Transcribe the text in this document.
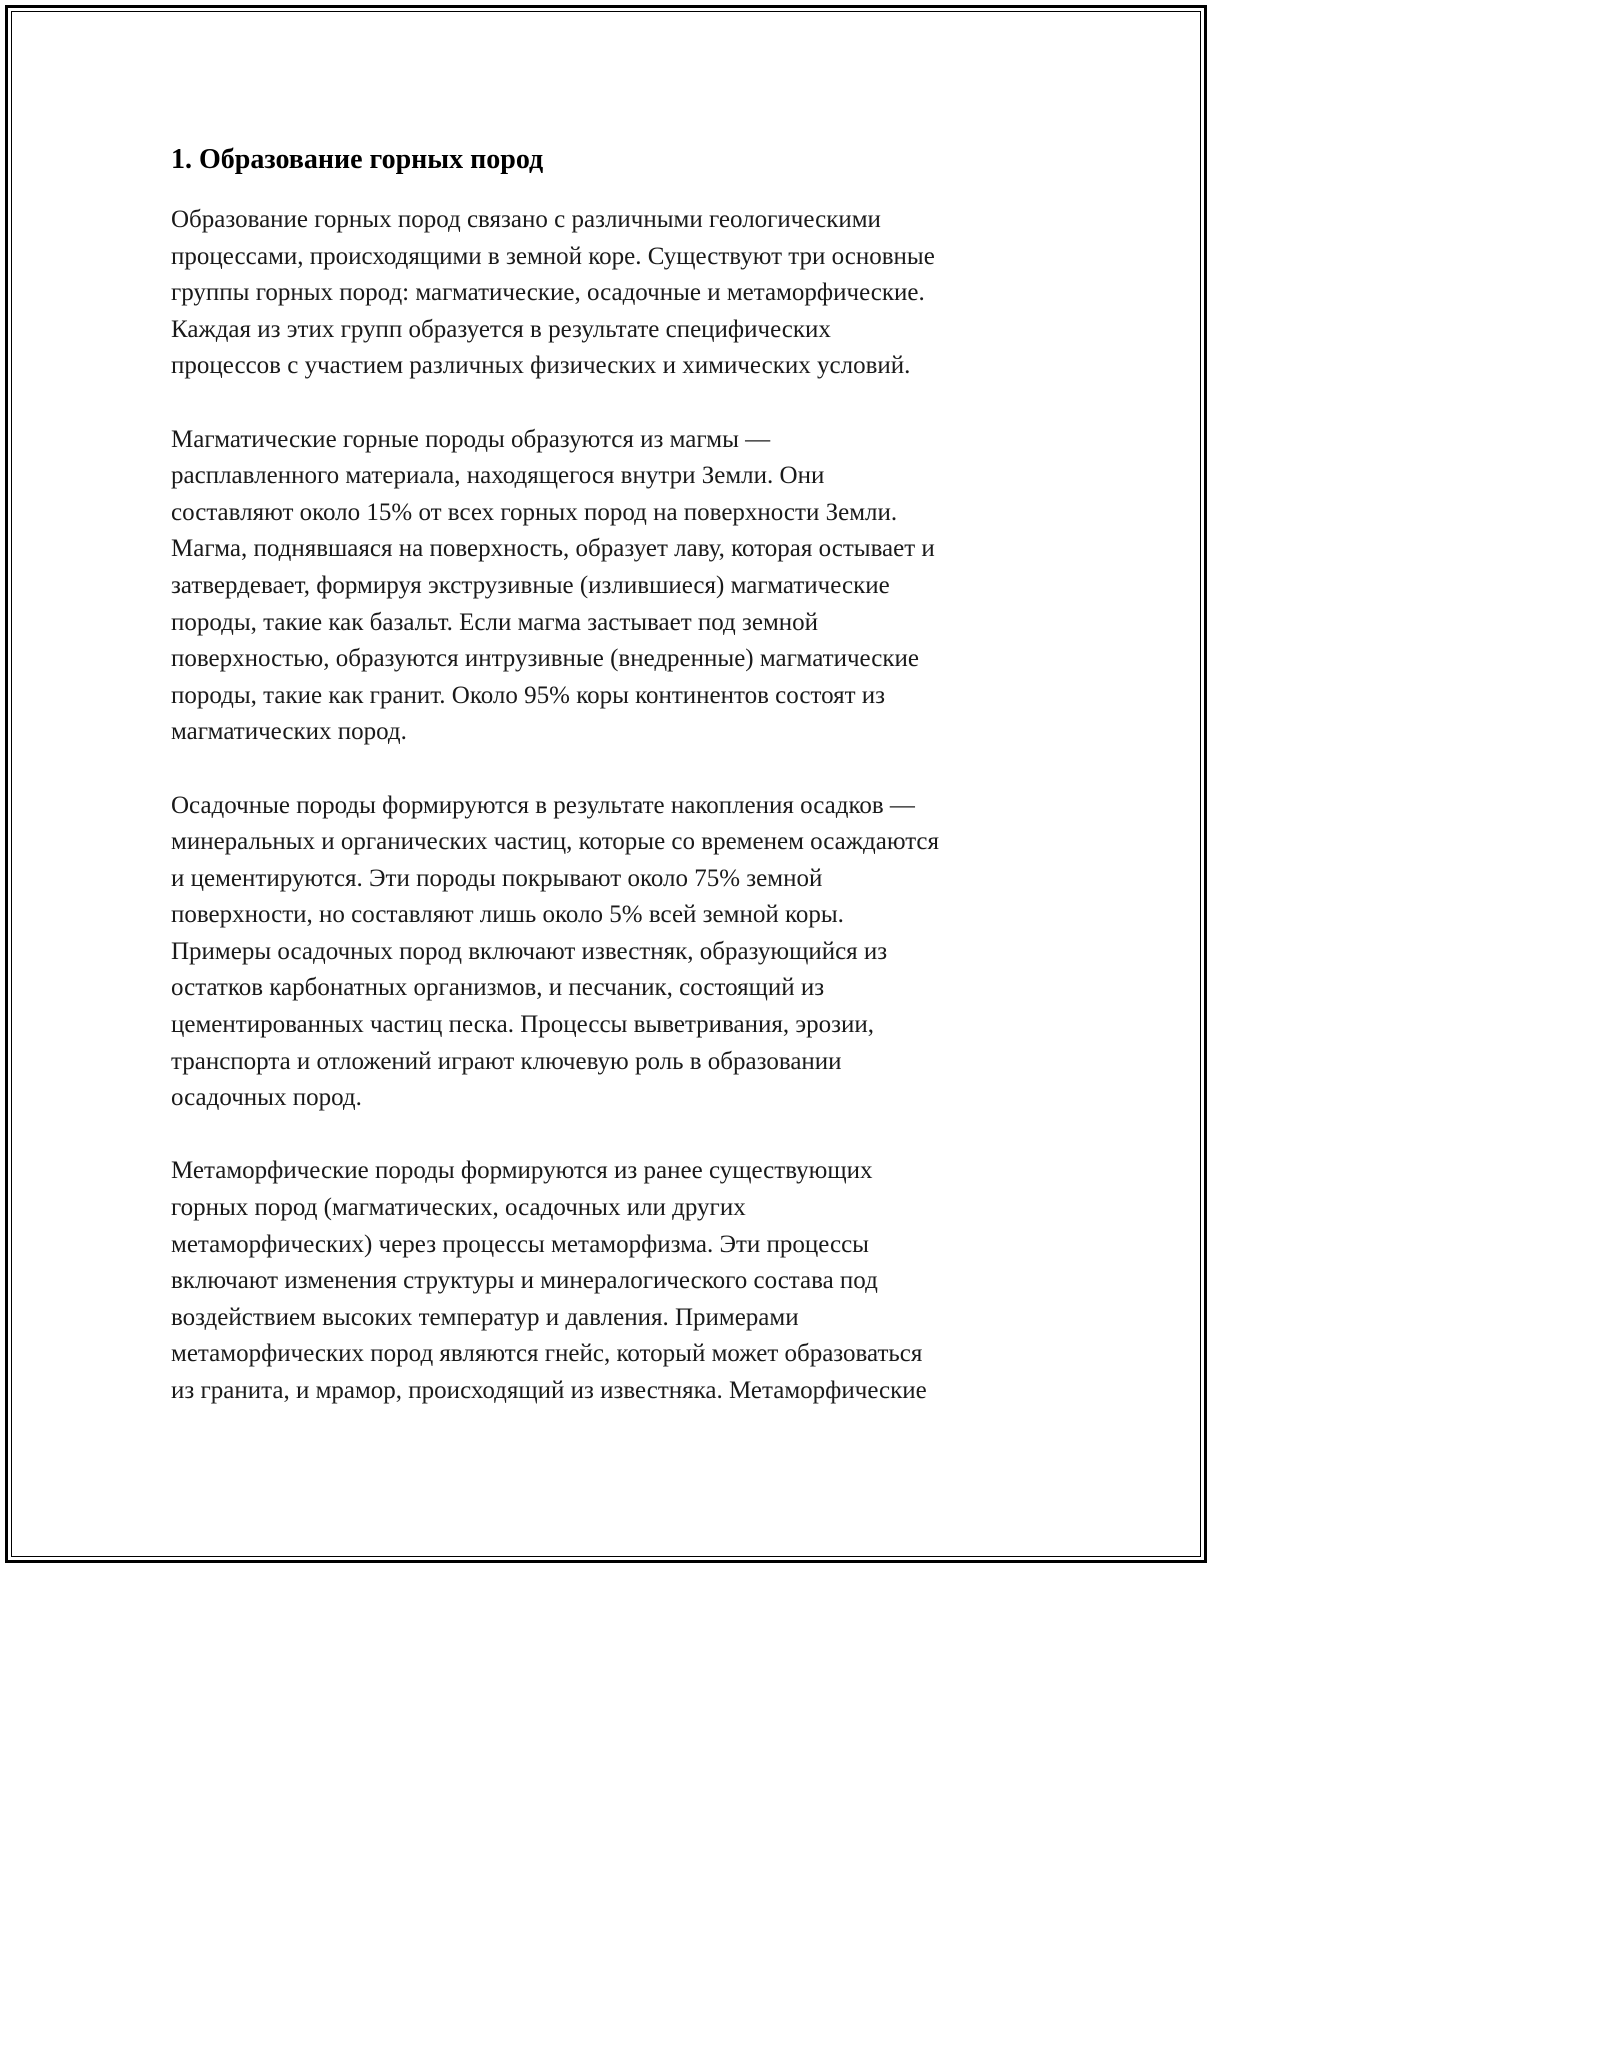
1. Образование горных пород

Образование горных пород связано с различными геологическими
процессами, происходящими в земной коре. Существуют три основные
группы горных пород: магматические, осадочные и метаморфические.
Каждая из этих групп образуется в результате специфических
процессов с участием различных физических и химических условий.

Магматические горные породы образуются из магмы —
расплавленного материала, находящегося внутри Земли. Они
составляют около 15% от всех горных пород на поверхности Земли.
Магма, поднявшаяся на поверхность, образует лаву, которая остывает и
затвердевает, формируя экструзивные (излившиеся) магматические
породы, такие как базальт. Если магма застывает под земной
поверхностью, образуются интрузивные (внедренные) магматические
породы, такие как гранит. Около 95% коры континентов состоят из
магматических пород.

Осадочные породы формируются в результате накопления осадков —
минеральных и органических частиц, которые со временем осаждаются
и цементируются. Эти породы покрывают около 75% земной
поверхности, но составляют лишь около 5% всей земной коры.
Примеры осадочных пород включают известняк, образующийся из
остатков карбонатных организмов, и песчаник, состоящий из
цементированных частиц песка. Процессы выветривания, эрозии,
транспорта и отложений играют ключевую роль в образовании
осадочных пород.

Метаморфические породы формируются из ранее существующих
горных пород (магматических, осадочных или других
метаморфических) через процессы метаморфизма. Эти процессы
включают изменения структуры и минералогического состава под
воздействием высоких температур и давления. Примерами
метаморфических пород являются гнейс, который может образоваться
из гранита, и мрамор, происходящий из известняка. Метаморфические
